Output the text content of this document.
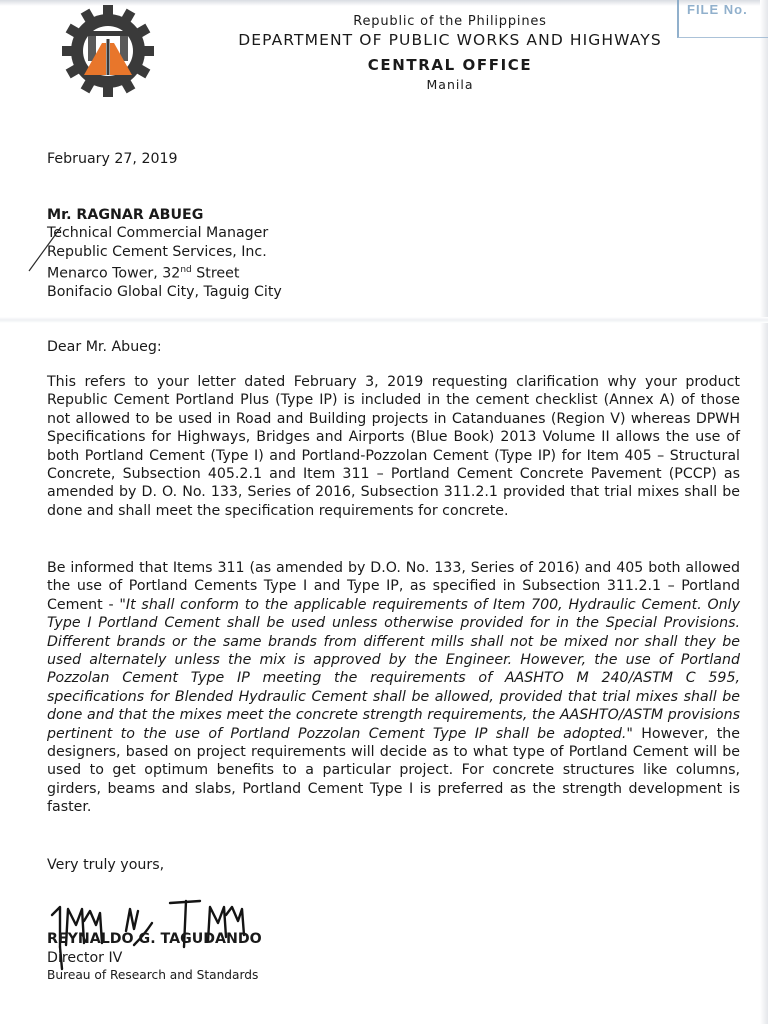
FILE No.
Republic of the Philippines
DEPARTMENT OF PUBLIC WORKS AND HIGHWAYS
CENTRAL OFFICE
Manila
February 27, 2019
Mr. RAGNAR ABUEG
Technical Commercial Manager
Republic Cement Services, Inc.
Menarco Tower, 32nd Street
Bonifacio Global City, Taguig City
Dear Mr. Abueg:
This refers to your letter dated February 3, 2019 requesting clarification why your product Republic Cement Portland Plus (Type IP) is included in the cement checklist (Annex A) of those not allowed to be used in Road and Building projects in Catanduanes (Region V) whereas DPWH Specifications for Highways, Bridges and Airports (Blue Book) 2013 Volume II allows the use of both Portland Cement (Type I) and Portland-Pozzolan Cement (Type IP) for Item 405 – Structural Concrete, Subsection 405.2.1 and Item 311 – Portland Cement Concrete Pavement (PCCP) as amended by D. O. No. 133, Series of 2016, Subsection 311.2.1 provided that trial mixes shall be done and shall meet the specification requirements for concrete.
Be informed that Items 311 (as amended by D.O. No. 133, Series of 2016) and 405 both allowed the use of Portland Cements Type I and Type IP, as specified in Subsection 311.2.1 – Portland Cement - "It shall conform to the applicable requirements of Item 700, Hydraulic Cement. Only Type I Portland Cement shall be used unless otherwise provided for in the Special Provisions. Different brands or the same brands from different mills shall not be mixed nor shall they be used alternately unless the mix is approved by the Engineer. However, the use of Portland Pozzolan Cement Type IP meeting the requirements of AASHTO M 240/ASTM C 595, specifications for Blended Hydraulic Cement shall be allowed, provided that trial mixes shall be done and that the mixes meet the concrete strength requirements, the AASHTO/ASTM provisions pertinent to the use of Portland Pozzolan Cement Type IP shall be adopted." However, the designers, based on project requirements will decide as to what type of Portland Cement will be used to get optimum benefits to a particular project. For concrete structures like columns, girders, beams and slabs, Portland Cement Type I is preferred as the strength development is faster.
Very truly yours,
REYNALDO G. TAGUDANDO
Director IV
Bureau of Research and Standards
